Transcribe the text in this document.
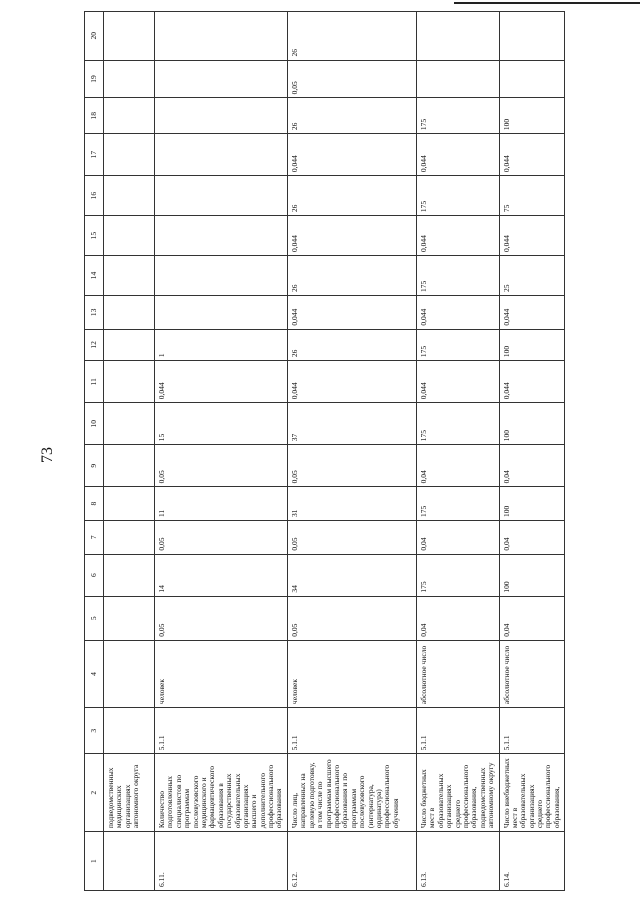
73
1	2	3	4	5	6	7	8	9	10	11	12	13	14	15	16	17	18	19	20
	подведомственных медицинских организациях автономного округа																		
6.11.	Количество подготовленных специалистов по программам послевузовского медицинского и фармацевтического образования в государственных образовательных организациях высшего и дополнительного профессионального образования	5.1.1	человек	0,05	14	0,05	11	0,05	15	0,044	1								
6.12.	Число лиц, направленных на целевую подготовку, в том числе по программам высшего профессионального образования и по программам послевузовского (интернатура, ординатура) профессионального обучения	5.1.1	человек	0,05	34	0,05	31	0,05	37	0,044	26	0,044	26	0,044	26	0,044	26	0,05	26
6.13.	Число бюджетных мест в образовательных организациях среднего профессионального образования, подведомственных автономному округу	5.1.1	абсолютное число	0,04	175	0,04	175	0,04	175	0,044	175	0,044	175	0,044	175	0,044	175		
6.14.	Число внебюджетных мест в образовательных организациях среднего профессионального образования,	5.1.1	абсолютное число	0,04	100	0,04	100	0,04	100	0,044	100	0,044	25	0,044	75	0,044	100		
